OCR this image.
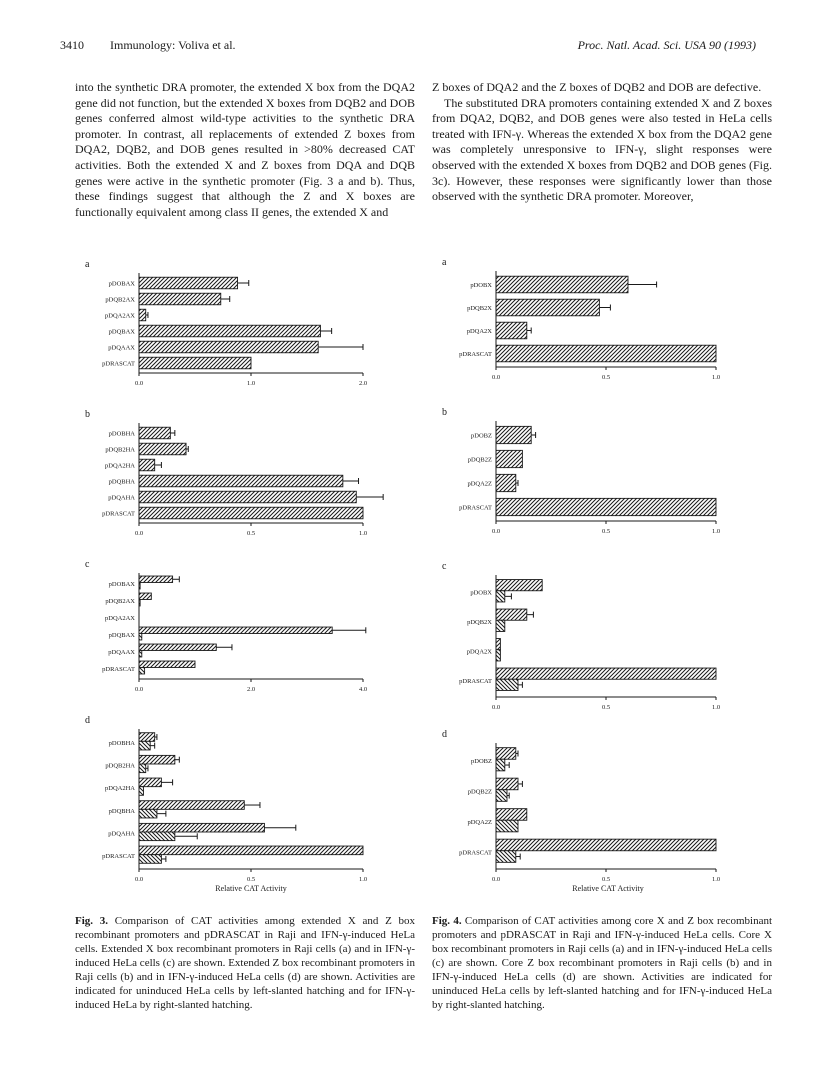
3410 Immunology: Voliva et al.	Proc. Natl. Acad. Sci. USA 90 (1993)

into the synthetic DRA promoter, the extended X box from the DQA2 gene did not function, but the extended X boxes from DQB2 and DOB genes conferred almost wild-type activities to the synthetic DRA promoter. In contrast, all replacements of extended Z boxes from DQA2, DQB2, and DOB genes resulted in >80% decreased CAT activities. Both the extended X and Z boxes from DQA and DQB genes were active in the synthetic promoter (Fig. 3 a and b). Thus, these findings suggest that although the Z and X boxes are functionally equivalent among class II genes, the extended X and

Z boxes of DQA2 and the Z boxes of DQB2 and DOB are defective.

The substituted DRA promoters containing extended X and Z boxes from DQA2, DQB2, and DOB genes were also tested in HeLa cells treated with IFN-γ. Whereas the extended X box from the DQA2 gene was completely unresponsive to IFN-γ, slight responses were observed with the extended X boxes from DQB2 and DOB genes (Fig. 3c). However, these responses were significantly lower than those observed with the synthetic DRA promoter. Moreover,

a
pDOBAX
pDQB2AX
pDQA2AX
pDQBAX
pDQAAX
pDRASCAT
0.0	1.0	2.0
b
pDOBHA
pDQB2HA
pDQA2HA
pDQBHA
pDQAHA
pDRASCAT
0.0	0.5	1.0
c
pDOBAX
pDQB2AX
pDQA2AX
pDQBAX
pDQAAX
pDRASCAT
0.0	2.0	4.0
d
pDOBHA
pDQB2HA
pDQA2HA
pDQBHA
pDQAHA
pDRASCAT
0.0	0.5	1.0
Relative CAT Activity
a
pDOBX
pDQB2X
pDQA2X
pDRASCAT
0.0	0.5	1.0
b
pDOBZ
pDQB2Z
pDQA2Z
pDRASCAT
0.0	0.5	1.0
c
pDOBX
pDQB2X
pDQA2X
pDRASCAT
0.0	0.5	1.0
d
pDOBZ
pDQB2Z
pDQA2Z
pDRASCAT
0.0	0.5	1.0
Relative CAT Activity
Fig. 3. Comparison of CAT activities among extended X and Z box recombinant promoters and pDRASCAT in Raji and IFN-γ-induced HeLa cells. Extended X box recombinant promoters in Raji cells (a) and in IFN-γ-induced HeLa cells (c) are shown. Extended Z box recombinant promoters in Raji cells (b) and in IFN-γ-induced HeLa cells (d) are shown. Activities are indicated for uninduced HeLa cells by left-slanted hatching and for IFN-γ-induced HeLa by right-slanted hatching.
Fig. 4. Comparison of CAT activities among core X and Z box recombinant promoters and pDRASCAT in Raji and IFN-γ-induced HeLa cells. Core X box recombinant promoters in Raji cells (a) and in IFN-γ-induced HeLa cells (c) are shown. Core Z box recombinant promoters in Raji cells (b) and in IFN-γ-induced HeLa cells (d) are shown. Activities are indicated for uninduced HeLa cells by left-slanted hatching and for IFN-γ-induced HeLa by right-slanted hatching.
